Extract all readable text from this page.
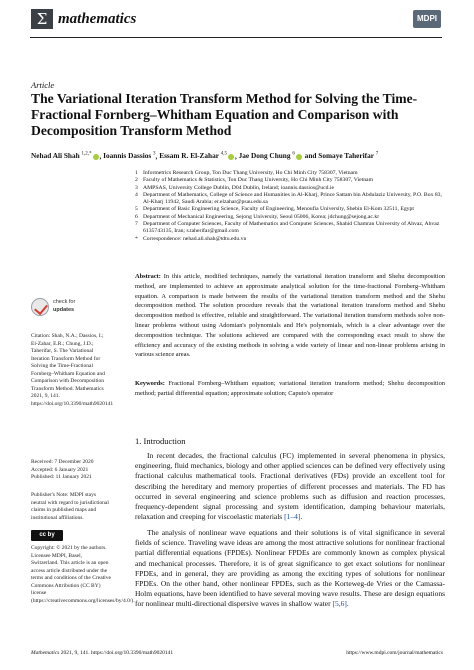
Σ mathematics	MDPI
Article
The Variational Iteration Transform Method for Solving the Time-Fractional Fornberg–Whitham Equation and Comparison with Decomposition Transform Method
Nehad Ali Shah $^{1,2,*}$ , Ioannis Dassios $^3$, Essam R. El-Zahar $^{4,5}$ , Jae Dong Chung $^6$ and Somaye Taherifar $^7$
1 Informetrics Research Group, Ton Duc Thang University, Ho Chi Minh City 758307, Vietnam
2 Faculty of Mathematics & Statistics, Ton Duc Thang University, Ho Chi Minh City 758307, Vietnam
3 AMPSAS, University College Dublin, D04 Dublin, Ireland; ioannis.dassios@ucd.ie
4 Department of Mathematics, College of Science and Humanities in Al-Kharj, Prince Sattam bin Abdulaziz University, P.O. Box 83, Al-Kharj 11942, Saudi Arabia; er.elzahar@psau.edu.sa
5 Department of Basic Engineering Science, Faculty of Engineering, Menoufia University, Shebin El-Kom 32511, Egypt
6 Department of Mechanical Engineering, Sejong University, Seoul 05006, Korea; jdchung@sejong.ac.kr
7 Department of Computer Sciences, Faculty of Mathematics and Computer Sciences, Shahid Chamran University of Ahvaz, Ahvaz 6135743135, Iran; s.taherifar@gmail.com
* Correspondence: nehad.ali.shah@tdtu.edu.vn
Abstract: In this article, modified techniques, namely the variational iteration transform and Shehu decomposition method, are implemented to achieve an approximate analytical solution for the time-fractional Fornberg–Whitham equation. A comparison is made between the results of the variational iteration transform method and the Shehu decomposition method. The solution procedure reveals that the variational iteration transform method and Shehu decomposition method is effective, reliable and straightforward. The variational iteration transform methods solve non-linear problems without using Adomian's polynomials and He's polynomials, which is a clear advantage over the decomposition technique. The solutions achieved are compared with the corresponding exact result to show the efficiency and accuracy of the existing methods in solving a wide variety of linear and non-linear problems arising in various science areas.
Keywords: Fractional Fornberg–Whitham equation; variational iteration transform method; Shehu decomposition method; partial differential equation; approximate solution; Caputo's operator
check for
updates
Citation: Shah, N.A.; Dassios, I.; El-Zahar, E.R.; Chung, J.D.; Taherifar, S. The Variational Iteration Transform Method for Solving the Time-Fractional Fornberg–Whitham Equation and Comparison with Decomposition Transform Method. Mathematics 2021, 9, 141. https://doi.org/10.3390/math9020141
Received: 7 December 2020
Accepted: 6 January 2021
Published: 11 January 2021
Publisher's Note: MDPI stays neutral with regard to jurisdictional claims in published maps and institutional affiliations.
cc by
Copyright: © 2021 by the authors. Licensee MDPI, Basel, Switzerland. This article is an open access article distributed under the terms and conditions of the Creative Commons Attribution (CC BY) license (https://creativecommons.org/licenses/by/4.0/).
1. Introduction

In recent decades, the fractional calculus (FC) implemented in several phenomena in physics, engineering, fluid mechanics, biology and other applied sciences can be defined very effectively using fractional calculus mathematical tools. Fractional derivatives (FDs) provide an excellent tool for describing the hereditary and memory properties of different processes and materials. The FD has occurred in several engineering and science problems such as diffusion and reaction processes, frequency-dependent signal processing and system identification, damping behaviour materials, relaxation and creeping for viscoelastic materials [1–4].

The analysis of nonlinear wave equations and their solutions is of vital significance in several fields of science. Traveling wave ideas are among the most attractive solutions for nonlinear fractional partial differential equations (FPDEs). Nonlinear FPDEs are commonly known as complex physical and mechanical processes. Therefore, it is of great significance to get exact solutions for nonlinear FPDEs, and in general, they are providing as among the exciting types of solutions for nonlinear FPDEs. On the other hand, other nonlinear FPDEs, such as the Korteweg-de Vries or the Camassa-Holm equations, have been identified to have several moving wave results. These are design equations for nonlinear multi-directional dispersive waves in shallow water [5,6].

Mathematics 2021, 9, 141. https://doi.org/10.3390/math9020141	https://www.mdpi.com/journal/mathematics
